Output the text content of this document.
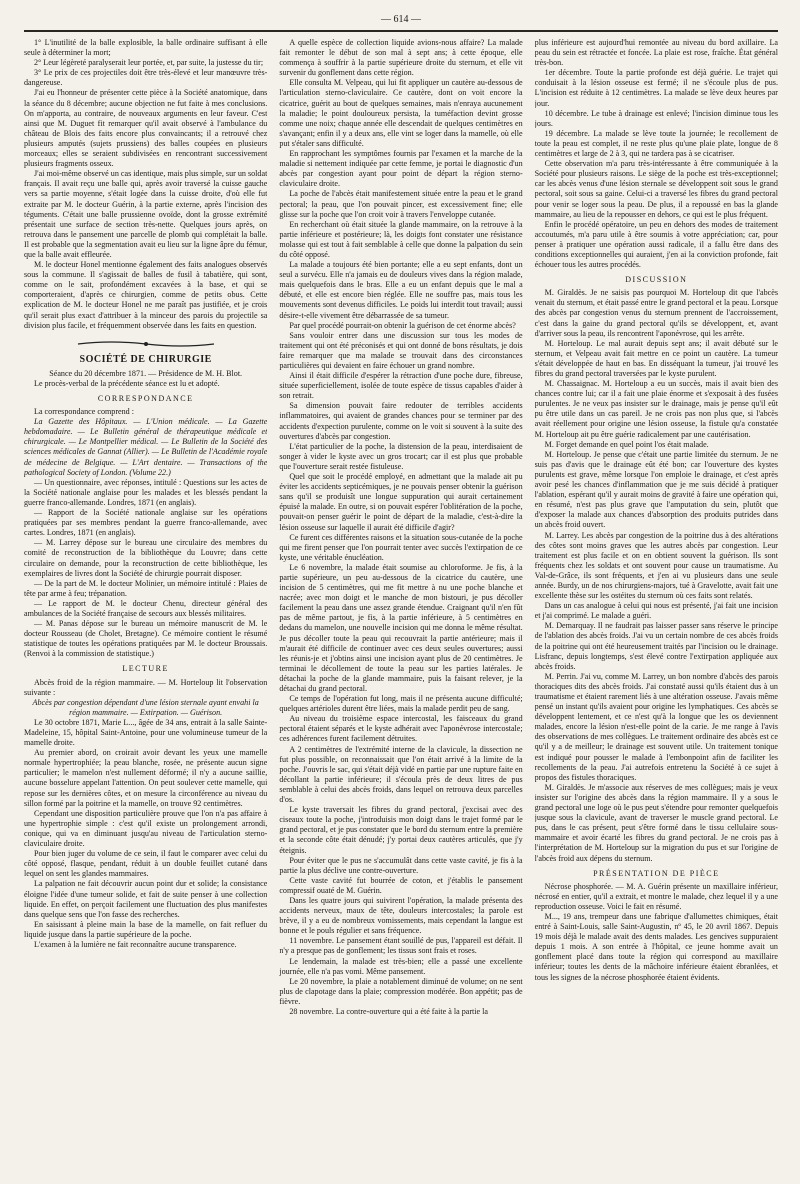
— 614 —

1° L'inutilité de la balle explosible, la balle ordinaire suffisant à elle seule à déterminer la mort;

2° Leur légèreté paralyserait leur portée, et, par suite, la justesse du tir;

3° Le prix de ces projectiles doit être très-élevé et leur manœuvre très-dangereuse.

J'ai eu l'honneur de présenter cette pièce à la Société anatomique, dans la séance du 8 décembre; aucune objection ne fut faite à mes conclusions. On m'apporta, au contraire, de nouveaux arguments en leur faveur. C'est ainsi que M. Duguet fit remarquer qu'il avait observé à l'ambulance du château de Blois des faits encore plus convaincants; il a retrouvé chez plusieurs amputés (sujets prussiens) des balles coupées en plusieurs morceaux; elles se seraient subdivisées en rencontrant successivement plusieurs fragments osseux.

J'ai moi-même observé un cas identique, mais plus simple, sur un soldat français. Il avait reçu une balle qui, après avoir traversé la cuisse gauche vers sa partie moyenne, s'était logée dans la cuisse droite, d'où elle fut extraite par M. le docteur Guérin, à la partie externe, après l'incision des téguments. C'était une balle prussienne ovoïde, dont la grosse extrémité présentait une surface de section très-nette. Quelques jours après, on retrouva dans le pansement une parcelle de plomb qui complétait la balle. Il est probable que la segmentation avait eu lieu sur la ligne âpre du fémur, que la balle avait effleurée.

M. le docteur Honel mentionne également des faits analogues observés sous la commune. Il s'agissait de balles de fusil à tabatière, qui sont, comme on le sait, profondément excavées à la base, et qui se comporteraient, d'après ce chirurgien, comme de petits obus. Cette explication de M. le docteur Honel ne me paraît pas justifiée, et je crois qu'il serait plus exact d'attribuer à la minceur des parois du projectile sa division plus facile, et fréquemment observée dans les faits en question.

SOCIÉTÉ DE CHIRURGIE

Séance du 20 décembre 1871. — Présidence de M. H. Blot.

Le procès-verbal de la précédente séance est lu et adopté.

CORRESPONDANCE

La correspondance comprend :

La Gazette des Hôpitaux. — L'Union médicale. — La Gazette hebdomadaire. — Le Bulletin général de thérapeutique médicale et chirurgicale. — Le Montpellier médical. — Le Bulletin de la Société des sciences médicales de Gannat (Allier). — Le Bulletin de l'Académie royale de médecine de Belgique. — L'Art dentaire. — Transactions of the pathological Society of London. (Volume 22.)

— Un questionnaire, avec réponses, intitulé : Questions sur les actes de la Société nationale anglaise pour les malades et les blessés pendant la guerre franco-allemande. Londres, 1871 (en anglais).

— Rapport de la Société nationale anglaise sur les opérations pratiquées par ses membres pendant la guerre franco-allemande, avec cartes. Londres, 1871 (en anglais).

— M. Larrey dépose sur le bureau une circulaire des membres du comité de reconstruction de la bibliothèque du Louvre; dans cette circulaire on demande, pour la reconstruction de cette bibliothèque, les exemplaires de livres dont la Société de chirurgie pourrait disposer.

— De la part de M. le docteur Molinier, un mémoire intitulé : Plaies de tête par arme à feu; trépanation.

— Le rapport de M. le docteur Chenu, directeur général des ambulances de la Société française de secours aux blessés militaires.

— M. Panas dépose sur le bureau un mémoire manuscrit de M. le docteur Rousseau (de Cholet, Bretagne). Ce mémoire contient le résumé statistique de toutes les opérations pratiquées par M. le docteur Broussais. (Renvoi à la commission de statistique.)

LECTURE

Abcès froid de la région mammaire. — M. Horteloup lit l'observation suivante :

Abcès par congestion dépendant d'une lésion sternale ayant envahi la région mammaire. — Extirpation. — Guérison.

Le 30 octobre 1871, Marie L..., âgée de 34 ans, entrait à la salle Sainte-Madeleine, 15, hôpital Saint-Antoine, pour une volumineuse tumeur de la mamelle droite.

Au premier abord, on croirait avoir devant les yeux une mamelle normale hypertrophiée; la peau blanche, rosée, ne présente aucun signe particulier; le mamelon n'est nullement déformé; il n'y a aucune saillie, aucune bosselure appelant l'attention. On peut soulever cette mamelle, qui repose sur les dernières côtes, et on mesure la circonférence au niveau du sillon formé par la poitrine et la mamelle, on trouve 92 centimètres.

Cependant une disposition particulière prouve que l'on n'a pas affaire à une hypertrophie simple : c'est qu'il existe un prolongement arrondi, conique, qui va en diminuant jusqu'au niveau de l'articulation sterno-claviculaire droite.

Pour bien juger du volume de ce sein, il faut le comparer avec celui du côté opposé, flasque, pendant, réduit à un double feuillet cutané dans lequel on sent les glandes mammaires.

La palpation ne fait découvrir aucun point dur et solide; la consistance éloigne l'idée d'une tumeur solide, et fait de suite penser à une collection liquide. En effet, on perçoit facilement une fluctuation des plus manifestes dans quelque sens que l'on fasse des recherches.

En saisissant à pleine main la base de la mamelle, on fait refluer du liquide jusque dans la partie supérieure de la poche.

L'examen à la lumière ne fait reconnaître aucune transparence.

A quelle espèce de collection liquide avions-nous affaire? La malade fait remonter le début de son mal à sept ans; à cette époque, elle commença à souffrir à la partie supérieure droite du sternum, et elle vit survenir du gonflement dans cette région.

Elle consulta M. Velpeau, qui lui fit appliquer un cautère au-dessous de l'articulation sterno-claviculaire. Ce cautère, dont on voit encore la cicatrice, guérit au bout de quelques semaines, mais n'enraya aucunement la maladie; le point douloureux persista, la tuméfaction devint grosse comme une noix; chaque année elle descendait de quelques centimètres en s'avançant; enfin il y a deux ans, elle vint se loger dans la mamelle, où elle put s'étaler sans difficulté.

En rapprochant les symptômes fournis par l'examen et la marche de la maladie si nettement indiquée par cette femme, je portai le diagnostic d'un abcès par congestion ayant pour point de départ la région sterno-claviculaire droite.

La poche de l'abcès était manifestement située entre la peau et le grand pectoral; la peau, que l'on pouvait pincer, est excessivement fine; elle glisse sur la poche que l'on croit voir à travers l'enveloppe cutanée.

En recherchant où était située la glande mammaire, on la retrouve à la partie inférieure et postérieure; là, les doigts font constater une résistance molasse qui est tout à fait semblable à celle que donne la palpation du sein du côté opposé.

La malade a toujours été bien portante; elle a eu sept enfants, dont un seul a survécu. Elle n'a jamais eu de douleurs vives dans la région malade, mais quelquefois dans le bras. Elle a eu un enfant depuis que le mal a débuté, et elle est encore bien réglée. Elle ne souffre pas, mais tous les mouvements sont devenus difficiles. Le poids lui interdit tout travail; aussi désire-t-elle vivement être débarrassée de sa tumeur.

Par quel procédé pourrait-on obtenir la guérison de cet énorme abcès?

Sans vouloir entrer dans une discussion sur tous les modes de traitement qui ont été préconisés et qui ont donné de bons résultats, je dois faire remarquer que ma malade se trouvait dans des circonstances particulières qui devaient en faire échouer un grand nombre.

Ainsi il était difficile d'espérer la rétraction d'une poche dure, fibreuse, située superficiellement, isolée de toute espèce de tissus capables d'aider à son retrait.

Sa dimension pouvait faire redouter de terribles accidents inflammatoires, qui avaient de grandes chances pour se terminer par des accidents d'expection purulente, comme on le voit si souvent à la suite des ouvertures d'abcès par congestion.

L'état particulier de la poche, la distension de la peau, interdisaient de songer à vider le kyste avec un gros trocart; car il est plus que probable que l'ouverture serait restée fistuleuse.

Quel que soit le procédé employé, en admettant que la malade ait pu éviter les accidents septicémiques, je ne pouvais penser obtenir la guérison sans qu'il se produisît une longue suppuration qui aurait certainement épuisé la malade. En outre, si on pouvait espérer l'oblitération de la poche, pouvait-on penser guérir le point de départ de la maladie, c'est-à-dire la lésion osseuse sur laquelle il aurait été difficile d'agir?

Ce furent ces différentes raisons et la situation sous-cutanée de la poche qui me firent penser que l'on pourrait tenter avec succès l'extirpation de ce kyste, une véritable énucléation.

Le 6 novembre, la malade était soumise au chloroforme. Je fis, à la partie supérieure, un peu au-dessous de la cicatrice du cautère, une incision de 5 centimètres, qui me fit mettre à nu une poche blanche et nacrée; avec mon doigt et le manche de mon bistouri, je pus décoller facilement la peau dans une assez grande étendue. Craignant qu'il n'en fût pas de même partout, je fis, à la partie inférieure, à 5 centimètres en dedans du mamelon, une nouvelle incision qui me donna le même résultat. Je pus décoller toute la peau qui recouvrait la partie antérieure; mais il m'aurait été difficile de continuer avec ces deux seules ouvertures; aussi les réunis-je et j'obtins ainsi une incision ayant plus de 20 centimètres. Je terminai le décollement de toute la peau sur les parties latérales. Je détachai la poche de la glande mammaire, puis la faisant relever, je la détachai du grand pectoral.

Ce temps de l'opération fut long, mais il ne présenta aucune difficulté; quelques artérioles durent être liées, mais la malade perdit peu de sang.

Au niveau du troisième espace intercostal, les faisceaux du grand pectoral étaient séparés et le kyste adhérait avec l'aponévrose intercostale; ces adhérences furent facilement détruites.

A 2 centimètres de l'extrémité interne de la clavicule, la dissection ne fut plus possible, on reconnaissait que l'on était arrivé à la limite de la poche. J'ouvris le sac, qui s'était déjà vidé en partie par une rupture faite en décollant la partie inférieure; il s'écoula près de deux litres de pus semblable à celui des abcès froids, dans lequel on retrouva deux parcelles d'os.

Le kyste traversait les fibres du grand pectoral, j'excisai avec des ciseaux toute la poche, j'introduisis mon doigt dans le trajet formé par le grand pectoral, et je pus constater que le bord du sternum entre la première et la seconde côte était dénudé; j'y portai deux cautères articulés, que j'y éteignis.

Pour éviter que le pus ne s'accumulât dans cette vaste cavité, je fis à la partie la plus déclive une contre-ouverture.

Cette vaste cavité fut bourrée de coton, et j'établis le pansement compressif ouaté de M. Guérin.

Dans les quatre jours qui suivirent l'opération, la malade présenta des accidents nerveux, maux de tête, douleurs intercostales; la parole est brève, il y a eu de nombreux vomissements, mais cependant la langue est bonne et le pouls régulier et sans fréquence.

11 novembre. Le pansement étant souillé de pus, l'appareil est défait. Il n'y a presque pas de gonflement; les tissus sont frais et roses.

Le lendemain, la malade est très-bien; elle a passé une excellente journée, elle n'a pas vomi. Même pansement.

Le 20 novembre, la plaie a notablement diminué de volume; on ne sent plus de clapotage dans la plaie; compression modérée. Bon appétit; pas de fièvre.

28 novembre. La contre-ouverture qui a été faite à la partie la

plus inférieure est aujourd'hui remontée au niveau du bord axillaire. La peau du sein est rétractée et foncée. La plaie est rose, fraîche. État général très-bon.

1er décembre. Toute la partie profonde est déjà guérie. Le trajet qui conduisait à la lésion osseuse est fermé; il ne s'écoule plus de pus. L'incision est réduite à 12 centimètres. La malade se lève deux heures par jour.

10 décembre. Le tube à drainage est enlevé; l'incision diminue tous les jours.

19 décembre. La malade se lève toute la journée; le recollement de toute la peau est complet, il ne reste plus qu'une plaie plate, longue de 8 centimètres et large de 2 à 3, qui ne tardera pas à se cicatriser.

Cette observation m'a paru très-intéressante à être communiquée à la Société pour plusieurs raisons. Le siège de la poche est très-exceptionnel; car les abcès venus d'une lésion sternale se développent soit sous le grand pectoral, soit sous sa gaine. Celui-ci a traversé les fibres du grand pectoral pour venir se loger sous la peau. De plus, il a repoussé en bas la glande mammaire, au lieu de la repousser en dehors, ce qui est le plus fréquent.

Enfin le procédé opératoire, un peu en dehors des modes de traitement accoutumés, m'a paru utile à être soumis à votre appréciation; car, pour penser à pratiquer une opération aussi radicale, il a fallu être dans des conditions exceptionnelles qui auraient, j'en ai la conviction profonde, fait échouer tous les autres procédés.

DISCUSSION

M. Giraldès. Je ne saisis pas pourquoi M. Horteloup dit que l'abcès venait du sternum, et était passé entre le grand pectoral et la peau. Lorsque des abcès par congestion venus du sternum prennent de l'accroissement, c'est dans la gaine du grand pectoral qu'ils se développent, et, avant d'arriver sous la peau, ils rencontrent l'aponévrose, qui les arrête.

M. Horteloup. Le mal aurait depuis sept ans; il avait débuté sur le sternum, et Velpeau avait fait mettre en ce point un cautère. La tumeur s'était développée de haut en bas. En disséquant la tumeur, j'ai trouvé les fibres du grand pectoral traversées par le kyste purulent.

M. Chassaignac. M. Horteloup a eu un succès, mais il avait bien des chances contre lui; car il a fait une plaie énorme et s'exposait à des fusées purulentes. Je ne veux pas insister sur le drainage, mais je pense qu'il eût pu être utile dans un cas pareil. Je ne crois pas non plus que, si l'abcès avait réellement pour origine une lésion osseuse, la fistule qu'a constatée M. Horteloup ait pu être guérie radicalement par une cautérisation.

M. Forget demande en quel point l'os était malade.

M. Horteloup. Je pense que c'était une partie limitée du sternum. Je ne suis pas d'avis que le drainage eût été bon; car l'ouverture des kystes purulents est grave, même lorsque l'on emploie le drainage, et c'est après avoir pesé les chances d'inflammation que je me suis décidé à pratiquer l'ablation, espérant qu'il y aurait moins de gravité à faire une opération qui, en résumé, n'est pas plus grave que l'amputation du sein, plutôt que d'exposer la malade aux chances d'absorption des produits putrides dans un abcès froid ouvert.

M. Larrey. Les abcès par congestion de la poitrine dus à des altérations des côtes sont moins graves que les autres abcès par congestion. Leur traitement est plus facile et on en obtient souvent la guérison. Ils sont fréquents chez les soldats et ont souvent pour cause un traumatisme. Au Val-de-Grâce, ils sont fréquents, et j'en ai vu plusieurs dans une seule année. Burdy, un de nos chirurgiens-majors, tué à Gravelotte, avait fait une excellente thèse sur les ostéites du sternum où ces faits sont relatés.

Dans un cas analogue à celui qui nous est présenté, j'ai fait une incision et j'ai comprimé. Le malade a guéri.

M. Demarquay. Il ne faudrait pas laisser passer sans réserve le principe de l'ablation des abcès froids. J'ai vu un certain nombre de ces abcès froids de la poitrine qui ont été heureusement traités par l'incision ou le drainage. Lisfranc, depuis longtemps, s'est élevé contre l'extirpation appliquée aux abcès froids.

M. Perrin. J'ai vu, comme M. Larrey, un bon nombre d'abcès des parois thoraciques dits des abcès froids. J'ai constaté aussi qu'ils étaient dus à un traumatisme et étaient rarement liés à une altération osseuse. J'avais même pensé un instant qu'ils avaient pour origine les lymphatiques. Ces abcès se développent lentement, et ce n'est qu'à la longue que les os deviennent malades, encore la lésion n'est-elle point de la carie. Je me range à l'avis des observations de mes collègues. Le traitement ordinaire des abcès est ce qu'il y a de meilleur; le drainage est souvent utile. Un traitement tonique est indiqué pour pousser le malade à l'embonpoint afin de faciliter les recollements de la peau. J'ai autrefois entretenu la Société à ce sujet à propos des fistules thoraciques.

M. Giraldès. Je m'associe aux réserves de mes collègues; mais je veux insister sur l'origine des abcès dans la région mammaire. Il y a sous le grand pectoral une loge où le pus peut s'étendre pour remonter quelquefois jusque sous la clavicule, avant de traverser le muscle grand pectoral. Le pus, dans le cas présent, peut s'être formé dans le tissu cellulaire sous-mammaire et avoir écarté les fibres du grand pectoral. Je ne crois pas à l'interprétation de M. Horteloup sur la migration du pus et sur l'origine de l'abcès froid aux dépens du sternum.

PRÉSENTATION DE PIÈCE

Nécrose phosphorée. — M. A. Guérin présente un maxillaire inférieur, nécrosé en entier, qu'il a extrait, et montre le malade, chez lequel il y a une reproduction osseuse. Voici le fait en résumé.

M..., 19 ans, trempeur dans une fabrique d'allumettes chimiques, était entré à Saint-Louis, salle Saint-Augustin, nº 45, le 20 avril 1867. Depuis 19 mois déjà le malade avait des dents malades. Les gencives suppuraient depuis 1 mois. A son entrée à l'hôpital, ce jeune homme avait un gonflement placé dans toute la région qui correspond au maxillaire inférieur; toutes les dents de la mâchoire inférieure étaient ébranlées, et tous les signes de la nécrose phosphorée étaient évidents.
